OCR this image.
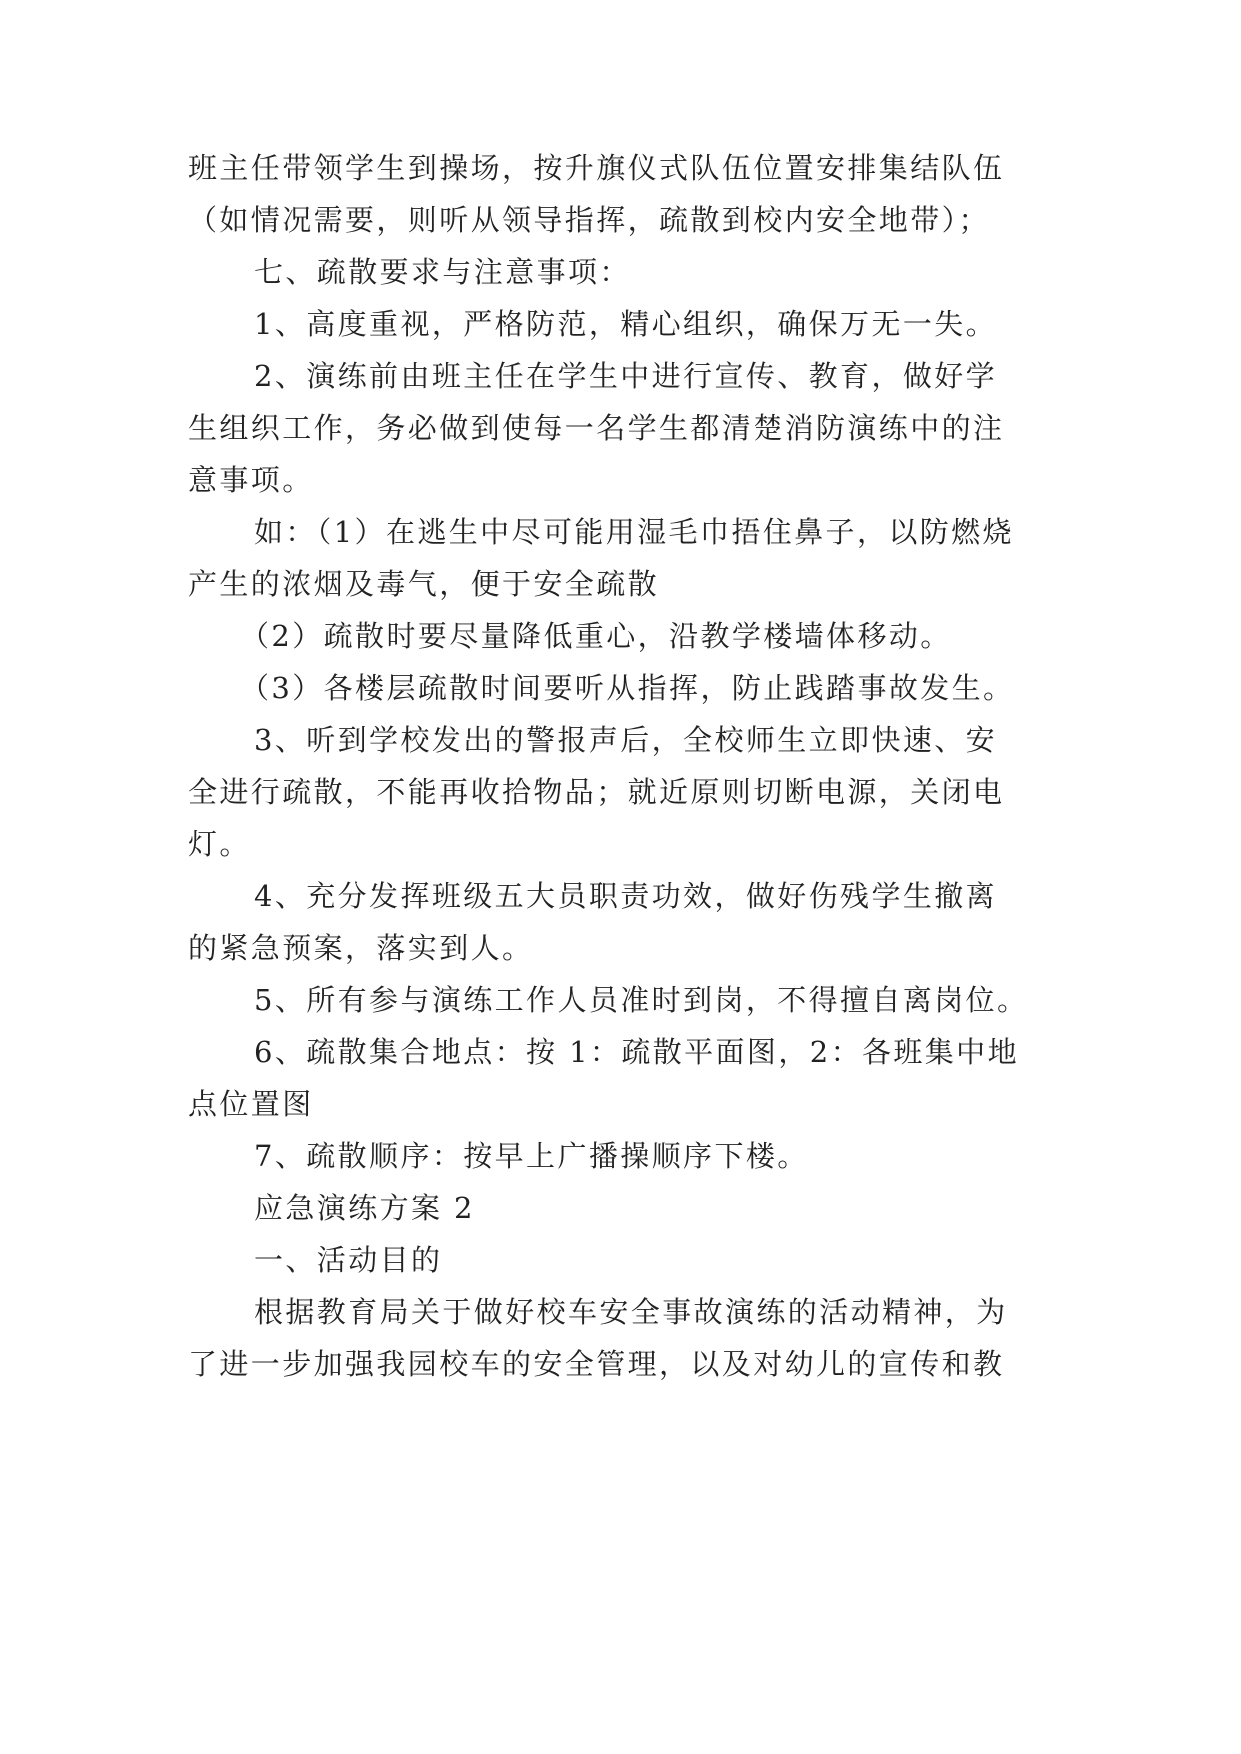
班主任带领学生到操场，按升旗仪式队伍位置安排集结队伍

（如情况需要，则听从领导指挥，疏散到校内安全地带）；

七、疏散要求与注意事项：

1、高度重视，严格防范，精心组织，确保万无一失。

2、演练前由班主任在学生中进行宣传、教育，做好学

生组织工作，务必做到使每一名学生都清楚消防演练中的注

意事项。

如：（1）在逃生中尽可能用湿毛巾捂住鼻子，以防燃烧

产生的浓烟及毒气，便于安全疏散

（2）疏散时要尽量降低重心，沿教学楼墙体移动。

（3）各楼层疏散时间要听从指挥，防止践踏事故发生。

3、听到学校发出的警报声后，全校师生立即快速、安

全进行疏散，不能再收拾物品；就近原则切断电源，关闭电

灯。

4、充分发挥班级五大员职责功效，做好伤残学生撤离

的紧急预案，落实到人。

5、所有参与演练工作人员准时到岗，不得擅自离岗位。

6、疏散集合地点：按 1：疏散平面图，2：各班集中地

点位置图

7、疏散顺序：按早上广播操顺序下楼。

应急演练方案 2

一、活动目的

根据教育局关于做好校车安全事故演练的活动精神，为

了进一步加强我园校车的安全管理，以及对幼儿的宣传和教
